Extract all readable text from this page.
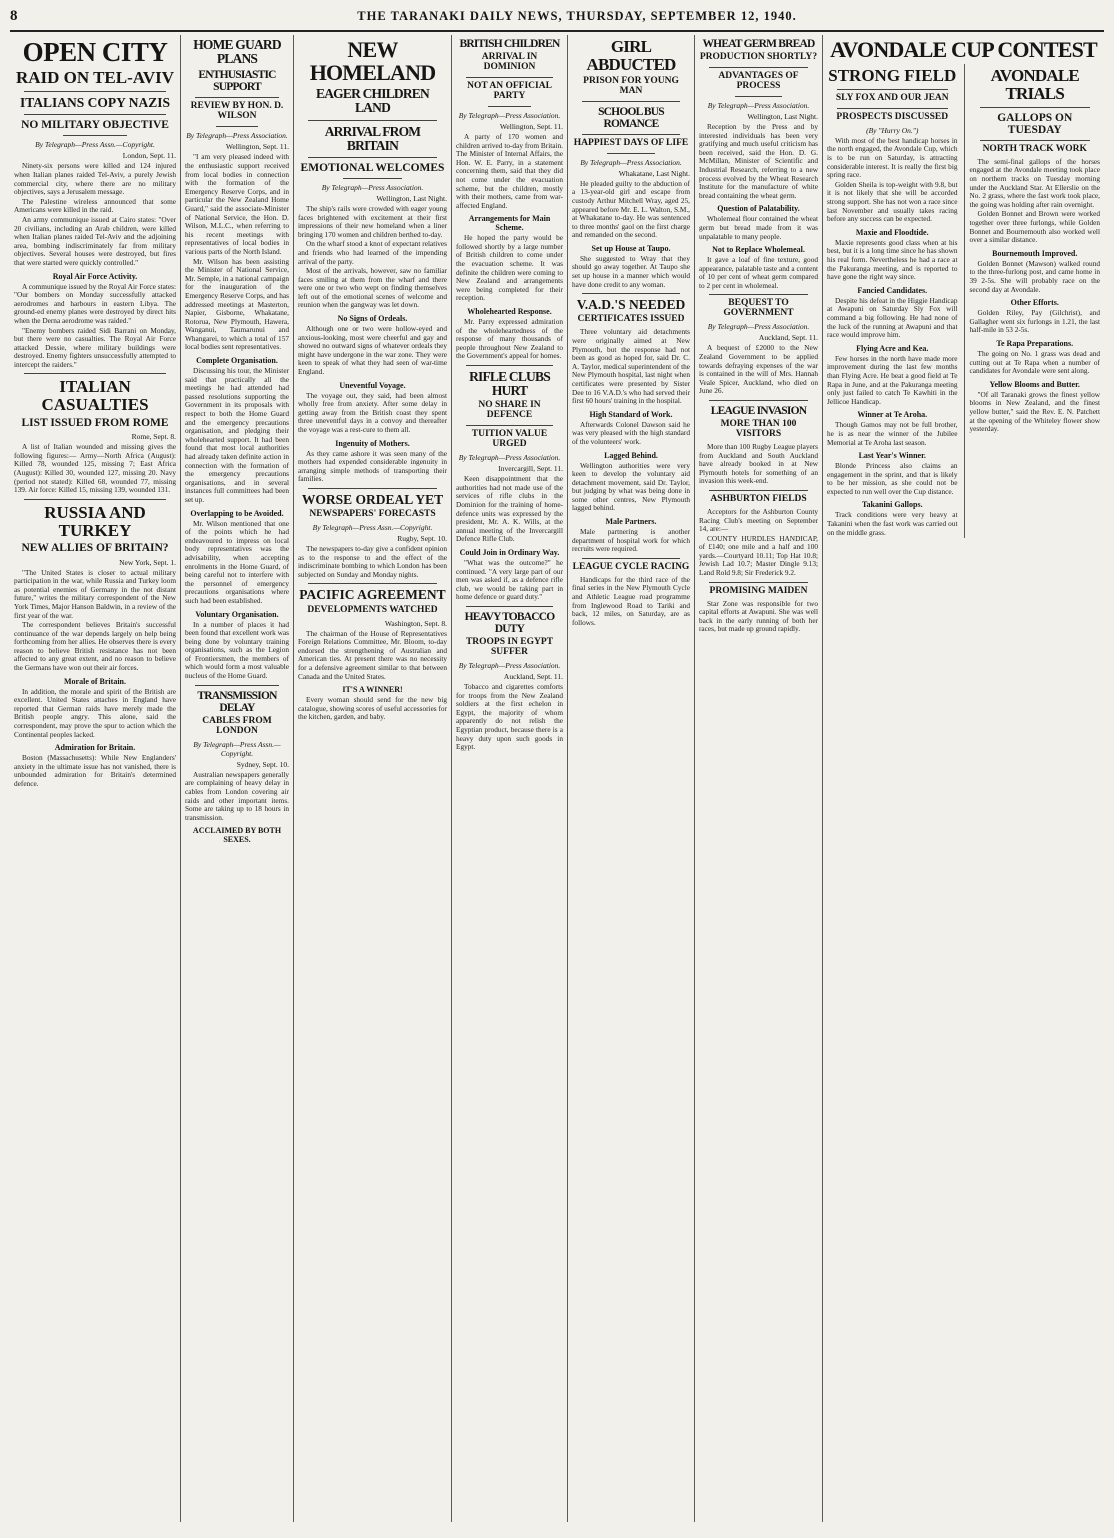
8	THE TARANAKI DAILY NEWS, THURSDAY, SEPTEMBER 12, 1940.
OPEN CITY
RAID ON TEL-AVIV
ITALIANS COPY NAZIS
NO MILITARY OBJECTIVE
By Telegraph—Press Assn.—Copyright.
London, Sept. 11.

Ninety-six persons were killed and 124 injured when Italian planes raided Tel-Aviv, a purely Jewish commercial city, where there are no military objectives, says a Jerusalem message.

The Palestine wireless announced that some Americans were killed in the raid.

An army communique issued at Cairo states: "Over 20 civilians, including an Arab children, were killed when Italian planes raided Tel-Aviv and the adjoining area, bombing indiscriminately far from military objectives. Several houses were destroyed, but fires that were started were quickly controlled."

Royal Air Force Activity.

A communique issued by the Royal Air Force states: "Our bombers on Monday successfully attacked aerodromes and harbours in eastern Libya. The ground-ed enemy planes were destroyed by direct hits when the Derna aerodrome was raided."

"Enemy bombers raided Sidi Barrani on Monday, but there were no casualties. The Royal Air Force attacked Dessie, where military buildings were destroyed. Enemy fighters unsuccessfully attempted to intercept the raiders."

ITALIAN CASUALTIES
LIST ISSUED FROM ROME
Rome, Sept. 8.

A list of Italian wounded and missing gives the following figures:— Army—North Africa (August): Killed 78, wounded 125, missing 7; East Africa (August): Killed 30, wounded 127, missing 20. Navy (period not stated): Killed 68, wounded 77, missing 139. Air force: Killed 15, missing 139, wounded 131.

RUSSIA AND TURKEY
NEW ALLIES OF BRITAIN?
New York, Sept. 1.

"The United States is closer to actual military participation in the war, while Russia and Turkey loom as potential enemies of Germany in the not distant future," writes the military correspondent of the New York Times, Major Hanson Baldwin, in a review of the first year of the war.

The correspondent believes Britain's successful continuance of the war depends largely on help being forthcoming from her allies. He observes there is every reason to believe British resistance has not been affected to any great extent, and no reason to believe the Germans have won out their air forces.

Morale of Britain.

In addition, the morale and spirit of the British are excellent. United States attaches in England have reported that German raids have merely made the British people angry. This alone, said the correspondent, may prove the spur to action which the Continental peoples lacked.

Admiration for Britain.

Boston (Massachusetts): While New Englanders' anxiety in the ultimate issue has not vanished, there is unbounded admiration for Britain's determined defence.

HOME GUARD PLANS
ENTHUSIASTIC SUPPORT
REVIEW BY HON. D. WILSON
By Telegraph—Press Association.
Wellington, Sept. 11.

"I am very pleased indeed with the enthusiastic support received from local bodies in connection with the formation of the Emergency Reserve Corps, and in particular the New Zealand Home Guard," said the associate-Minister of National Service, the Hon. D. Wilson, M.L.C., when referring to his recent meetings with representatives of local bodies in various parts of the North Island.

Mr. Wilson has been assisting the Minister of National Service, Mr. Semple, in a national campaign for the inauguration of the Emergency Reserve Corps, and has addressed meetings at Masterton, Napier, Gisborne, Whakatane, Rotorua, New Plymouth, Hawera, Wanganui, Taumarunui and Whangarei, to which a total of 157 local bodies sent representatives.

Complete Organisation.

Discussing his tour, the Minister said that practically all the meetings he had attended had passed resolutions supporting the Government in its proposals with respect to both the Home Guard and the emergency precautions organisation, and pledging their wholehearted support. It had been found that most local authorities had already taken definite action in connection with the formation of the emergency precautions organisations, and in several instances full committees had been set up.

Overlapping to be Avoided.

Mr. Wilson mentioned that one of the points which he had endeavoured to impress on local body representatives was the advisability, when accepting enrolments in the Home Guard, of being careful not to interfere with the personnel of emergency precautions organisations where such had been established.

Voluntary Organisation.

In a number of places it had been found that excellent work was being done by voluntary training organisations, such as the Legion of Frontiersmen, the members of which would form a most valuable nucleus of the Home Guard.

TRANSMISSION DELAY
CABLES FROM LONDON
By Telegraph—Press Assn.—Copyright.
Sydney, Sept. 10.

Australian newspapers generally are complaining of heavy delay in cables from London covering air raids and other important items. Some are taking up to 18 hours in transmission.

ACCLAIMED BY BOTH SEXES.
NEW HOMELAND
EAGER CHILDREN LAND
ARRIVAL FROM BRITAIN
EMOTIONAL WELCOMES
By Telegraph—Press Association.
Wellington, Last Night.

The ship's rails were crowded with eager young faces brightened with excitement at their first impressions of their new homeland when a liner bringing 170 women and children berthed to-day.

On the wharf stood a knot of expectant relatives and friends who had learned of the impending arrival of the party.

Most of the arrivals, however, saw no familiar faces smiling at them from the wharf and there were one or two who wept on finding themselves left out of the emotional scenes of welcome and reunion when the gangway was let down.

No Signs of Ordeals.

Although one or two were hollow-eyed and anxious-looking, most were cheerful and gay and showed no outward signs of whatever ordeals they might have undergone in the war zone. They were keen to speak of what they had seen of war-time England.

Uneventful Voyage.

The voyage out, they said, had been almost wholly free from anxiety. After some delay in getting away from the British coast they spent three uneventful days in a convoy and thereafter the voyage was a rest-cure to them all.

Ingenuity of Mothers.

As they came ashore it was seen many of the mothers had expended considerable ingenuity in arranging simple methods of transporting their families.

WORSE ORDEAL YET
NEWSPAPERS' FORECASTS
By Telegraph—Press Assn.—Copyright.
Rugby, Sept. 10.

The newspapers to-day give a confident opinion as to the response to and the effect of the indiscriminate bombing to which London has been subjected on Sunday and Monday nights.

PACIFIC AGREEMENT
DEVELOPMENTS WATCHED
Washington, Sept. 8.

The chairman of the House of Representatives Foreign Relations Committee, Mr. Bloom, to-day endorsed the strengthening of Australian and American ties. At present there was no necessity for a defensive agreement similar to that between Canada and the United States.

IT'S A WINNER!

Every woman should send for the new big catalogue, showing scores of useful accessories for the kitchen, garden, and baby.

BRITISH CHILDREN
ARRIVAL IN DOMINION
NOT AN OFFICIAL PARTY
By Telegraph—Press Association.
Wellington, Sept. 11.

A party of 170 women and children arrived to-day from Britain. The Minister of Internal Affairs, the Hon. W. E. Parry, in a statement concerning them, said that they did not come under the evacuation scheme, but the children, mostly with their mothers, came from war-affected England.

Arrangements for Main Scheme.

He hoped the party would be followed shortly by a large number of British children to come under the evacuation scheme. It was definite the children were coming to New Zealand and arrangements were being completed for their reception.

Wholehearted Response.

Mr. Parry expressed admiration of the wholeheartedness of the response of many thousands of people throughout New Zealand to the Government's appeal for homes.

RIFLE CLUBS HURT
NO SHARE IN DEFENCE
TUITION VALUE URGED
By Telegraph—Press Association.
Invercargill, Sept. 11.

Keen disappointment that the authorities had not made use of the services of rifle clubs in the Dominion for the training of home-defence units was expressed by the president, Mr. A. K. Wills, at the annual meeting of the Invercargill Defence Rifle Club.

Could Join in Ordinary Way.

"What was the outcome?" he continued. "A very large part of our men was asked if, as a defence rifle club, we would be taking part in home defence or guard duty."

HEAVY TOBACCO DUTY
TROOPS IN EGYPT SUFFER
By Telegraph—Press Association.
Auckland, Sept. 11.

Tobacco and cigarettes comforts for troops from the New Zealand soldiers at the first echelon in Egypt, the majority of whom apparently do not relish the Egyptian product, because there is a heavy duty upon such goods in Egypt.

GIRL ABDUCTED
PRISON FOR YOUNG MAN
SCHOOL BUS ROMANCE
HAPPIEST DAYS OF LIFE
By Telegraph—Press Association.
Whakatane, Last Night.

He pleaded guilty to the abduction of a 13-year-old girl and escape from custody Arthur Mitchell Wray, aged 25, appeared before Mr. E. L. Walton, S.M., at Whakatane to-day. He was sentenced to three months' gaol on the first charge and remanded on the second.

Set up House at Taupo.

She suggested to Wray that they should go away together. At Taupo she set up house in a manner which would have done credit to any woman.

V.A.D.'S NEEDED
CERTIFICATES ISSUED

Three voluntary aid detachments were originally aimed at New Plymouth, but the response had not been as good as hoped for, said Dr. C. A. Taylor, medical superintendent of the New Plymouth hospital, last night when certificates were presented by Sister Dee to 16 V.A.D.'s who had served their first 60 hours' training in the hospital.

High Standard of Work.

Afterwards Colonel Dawson said he was very pleased with the high standard of the volunteers' work.

Lagged Behind.

Wellington authorities were very keen to develop the voluntary aid detachment movement, said Dr. Taylor, but judging by what was being done in some other centres, New Plymouth lagged behind.

Male Partners.

Male partnering is another department of hospital work for which recruits were required.

LEAGUE CYCLE RACING

Handicaps for the third race of the final series in the New Plymouth Cycle and Athletic League road programme from Inglewood Road to Tariki and back, 12 miles, on Saturday, are as follows.

WHEAT GERM BREAD
PRODUCTION SHORTLY?
ADVANTAGES OF PROCESS
By Telegraph—Press Association.
Wellington, Last Night.

Reception by the Press and by interested individuals has been very gratifying and much useful criticism has been received, said the Hon. D. G. McMillan, Minister of Scientific and Industrial Research, referring to a new process evolved by the Wheat Research Institute for the manufacture of white bread containing the wheat germ.

Question of Palatability.

Wholemeal flour contained the wheat germ but bread made from it was unpalatable to many people.

Not to Replace Wholemeal.

It gave a loaf of fine texture, good appearance, palatable taste and a content of 10 per cent of wheat germ compared to 2 per cent in wholemeal.

BEQUEST TO GOVERNMENT
By Telegraph—Press Association.
Auckland, Sept. 11.

A bequest of £2000 to the New Zealand Government to be applied towards defraying expenses of the war is contained in the will of Mrs. Hannah Veale Spicer, Auckland, who died on June 26.

LEAGUE INVASION
MORE THAN 100 VISITORS

More than 100 Rugby League players from Auckland and South Auckland have already booked in at New Plymouth hotels for something of an invasion this week-end.

ASHBURTON FIELDS

Acceptors for the Ashburton County Racing Club's meeting on September 14, are:—

COUNTY HURDLES HANDICAP, of £140; one mile and a half and 100 yards.—Courtyard 10.11; Top Hat 10.8; Jewish Lad 10.7; Master Dingle 9.13; Land Rold 9.8; Sir Frederick 9.2.

PROMISING MAIDEN

Star Zone was responsible for two capital efforts at Awapuni. She was well back in the early running of both her races, but made up ground rapidly.

AVONDALE CUP CONTEST
STRONG FIELD
SLY FOX AND OUR JEAN
PROSPECTS DISCUSSED
(By "Hurry On.")

With most of the best handicap horses in the north engaged, the Avondale Cup, which is to be run on Saturday, is attracting considerable interest. It is really the first big spring race.

Golden Sheila is top-weight with 9.8, but it is not likely that she will be accorded strong support. She has not won a race since last November and usually takes racing before any success can be expected.

Maxie and Floodtide.

Maxie represents good class when at his best, but it is a long time since he has shown his real form. Nevertheless he had a race at the Pakuranga meeting, and is reported to have gone the right way since.

Fancied Candidates.

Despite his defeat in the Higgie Handicap at Awapuni on Saturday Sly Fox will command a big following. He had none of the luck of the running at Awapuni and that race would improve him.

Flying Acre and Kea.

Few horses in the north have made more improvement during the last few months than Flying Acre. He beat a good field at Te Rapa in June, and at the Pakuranga meeting only just failed to catch Te Kawhiti in the Jellicoe Handicap.

Winner at Te Aroha.

Though Gamos may not be full brother, he is as near the winner of the Jubilee Memorial at Te Aroha last season.

Last Year's Winner.

Blonde Princess also claims an engagement in the sprint, and that is likely to be her mission, as she could not be expected to run well over the Cup distance.

Takanini Gallops.

Track conditions were very heavy at Takanini when the fast work was carried out on the middle grass.

AVONDALE TRIALS
GALLOPS ON TUESDAY
NORTH TRACK WORK

The semi-final gallops of the horses engaged at the Avondale meeting took place on northern tracks on Tuesday morning under the Auckland Star. At Ellerslie on the No. 2 grass, where the fast work took place, the going was holding after rain overnight.

Golden Bonnet and Brown were worked together over three furlongs, while Golden Bonnet and Bournemouth also worked well over a similar distance.

Bournemouth Improved.

Golden Bonnet (Mawson) walked round to the three-furlong post, and came home in 39 2-5s. She will probably race on the second day at Avondale.

Other Efforts.

Golden Riley, Pay (Gilchrist), and Gallagher went six furlongs in 1.21, the last half-mile in 53 2-5s.

Te Rapa Preparations.

The going on No. 1 grass was dead and cutting out at Te Rapa when a number of candidates for Avondale were sent along.

Yellow Blooms and Butter.

"Of all Taranaki grows the finest yellow blooms in New Zealand, and the finest yellow butter," said the Rev. E. N. Patchett at the opening of the Whiteley flower show yesterday.
